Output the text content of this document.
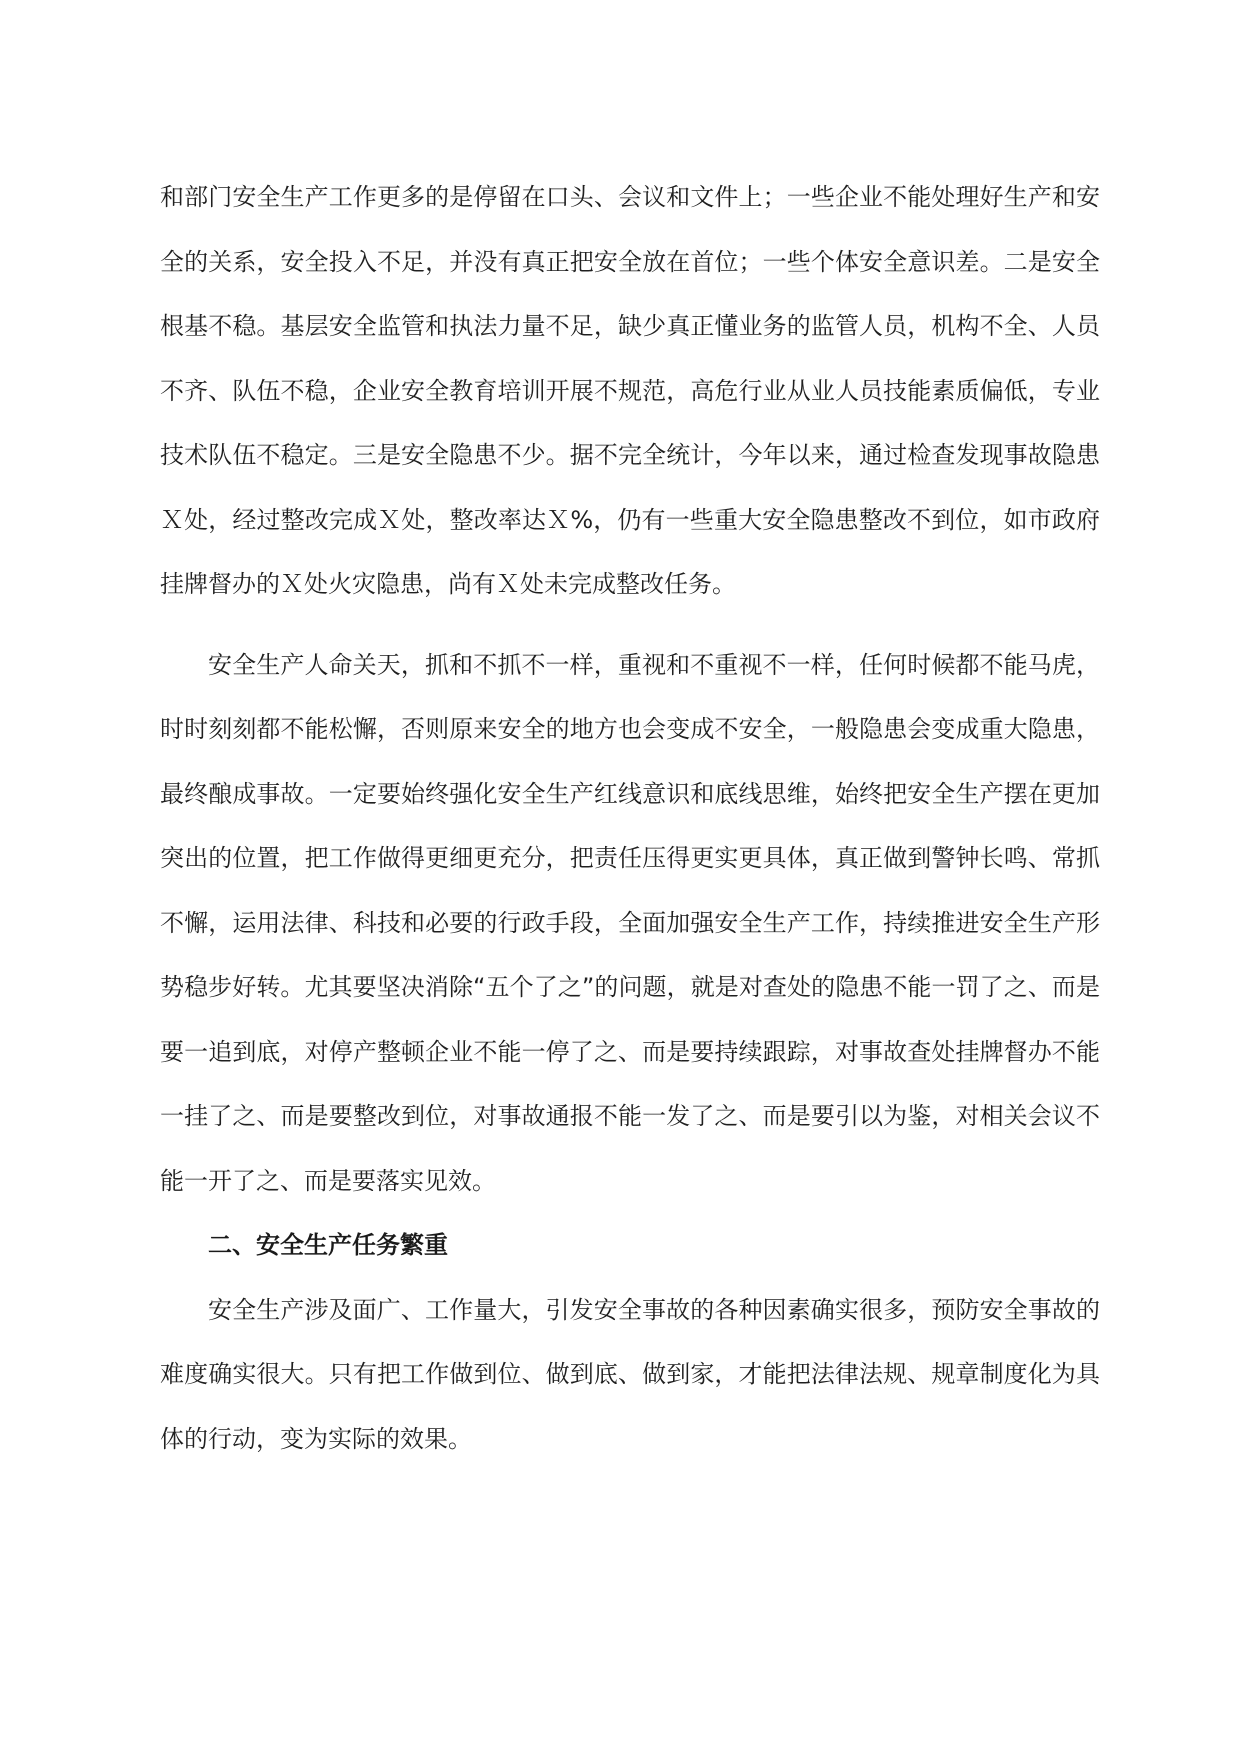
和部门安全生产工作更多的是停留在口头、会议和文件上；一些企业不能处理好生产和安全的关系，安全投入不足，并没有真正把安全放在首位；一些个体安全意识差。二是安全根基不稳。基层安全监管和执法力量不足，缺少真正懂业务的监管人员，机构不全、人员不齐、队伍不稳，企业安全教育培训开展不规范，高危行业从业人员技能素质偏低，专业技术队伍不稳定。三是安全隐患不少。据不完全统计，今年以来，通过检查发现事故隐患Ｘ处，经过整改完成Ｘ处，整改率达Ｘ%，仍有一些重大安全隐患整改不到位，如市政府挂牌督办的Ｘ处火灾隐患，尚有Ｘ处未完成整改任务。

安全生产人命关天，抓和不抓不一样，重视和不重视不一样，任何时候都不能马虎，时时刻刻都不能松懈，否则原来安全的地方也会变成不安全，一般隐患会变成重大隐患，最终酿成事故。一定要始终强化安全生产红线意识和底线思维，始终把安全生产摆在更加突出的位置，把工作做得更细更充分，把责任压得更实更具体，真正做到警钟长鸣、常抓不懈，运用法律、科技和必要的行政手段，全面加强安全生产工作，持续推进安全生产形势稳步好转。尤其要坚决消除“五个了之”的问题，就是对查处的隐患不能一罚了之、而是要一追到底，对停产整顿企业不能一停了之、而是要持续跟踪，对事故查处挂牌督办不能一挂了之、而是要整改到位，对事故通报不能一发了之、而是要引以为鉴，对相关会议不能一开了之、而是要落实见效。

二、安全生产任务繁重

安全生产涉及面广、工作量大，引发安全事故的各种因素确实很多，预防安全事故的难度确实很大。只有把工作做到位、做到底、做到家，才能把法律法规、规章制度化为具体的行动，变为实际的效果。
